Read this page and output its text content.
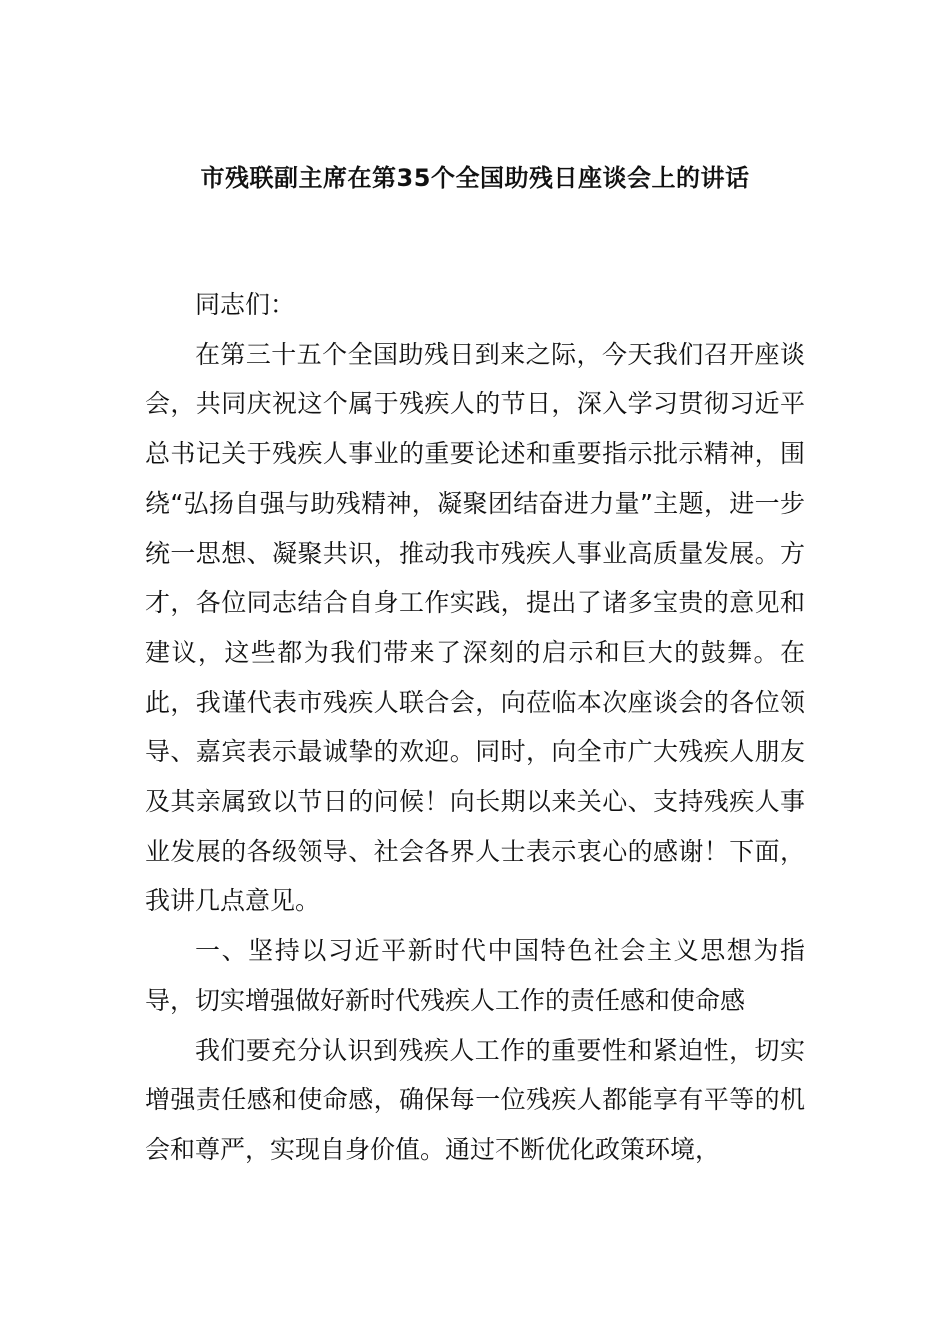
市残联副主席在第35个全国助残日座谈会上的讲话

同志们：

在第三十五个全国助残日到来之际，今天我们召开座谈会，共同庆祝这个属于残疾人的节日，深入学习贯彻习近平总书记关于残疾人事业的重要论述和重要指示批示精神，围绕“弘扬自强与助残精神，凝聚团结奋进力量”主题，进一步统一思想、凝聚共识，推动我市残疾人事业高质量发展。方才，各位同志结合自身工作实践，提出了诸多宝贵的意见和建议，这些都为我们带来了深刻的启示和巨大的鼓舞。在此，我谨代表市残疾人联合会，向莅临本次座谈会的各位领导、嘉宾表示最诚挚的欢迎。同时，向全市广大残疾人朋友及其亲属致以节日的问候！向长期以来关心、支持残疾人事业发展的各级领导、社会各界人士表示衷心的感谢！下面，我讲几点意见。

一、坚持以习近平新时代中国特色社会主义思想为指导，切实增强做好新时代残疾人工作的责任感和使命感

我们要充分认识到残疾人工作的重要性和紧迫性，切实增强责任感和使命感，确保每一位残疾人都能享有平等的机会和尊严，实现自身价值。通过不断优化政策环境，
